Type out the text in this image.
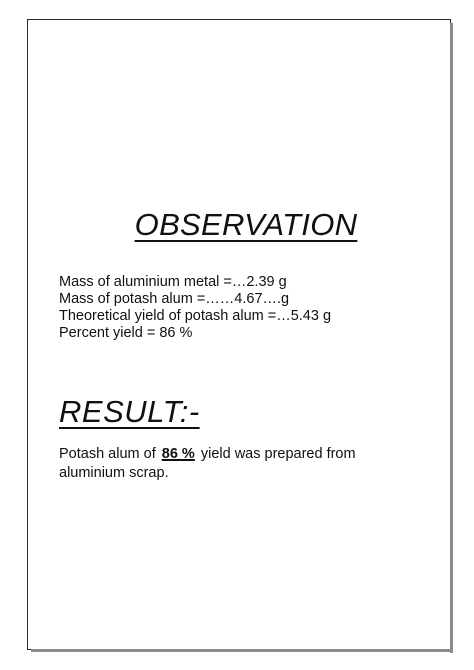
OBSERVATION
Mass of aluminium metal =…2.39 g
Mass of potash alum =……4.67….g
Theoretical yield of potash alum =…5.43 g
Percent yield = 86 %
RESULT:-

Potash alum of 86 % yield was prepared from aluminium scrap.
